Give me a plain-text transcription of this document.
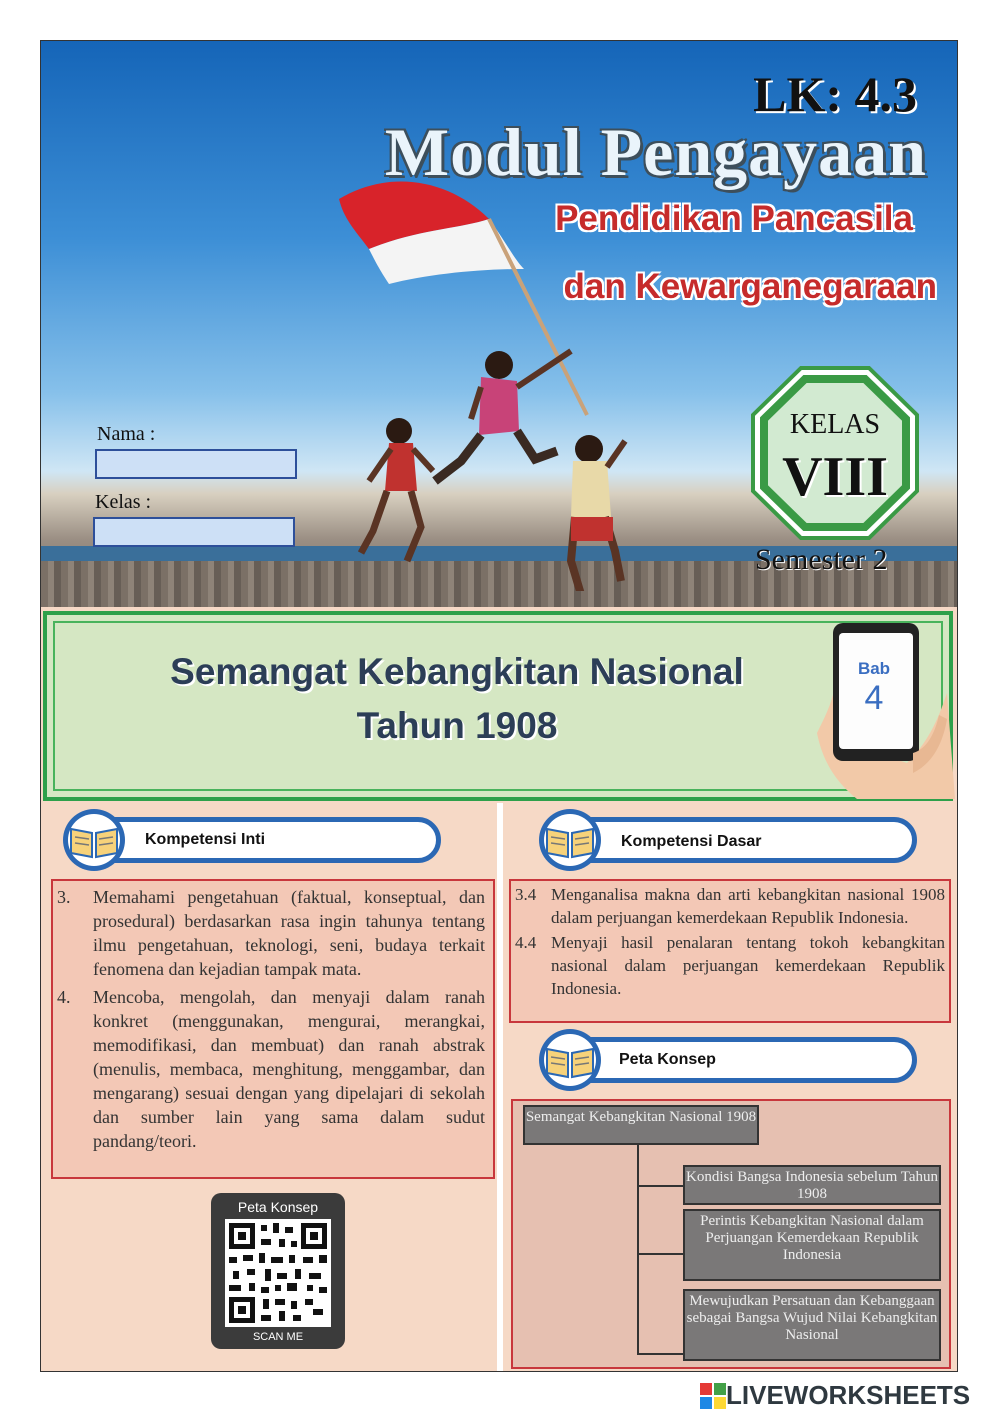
LK: 4.3
Modul Pengayaan
Pendidikan Pancasila
dan Kewarganegaraan
Nama :
Kelas :
KELAS
VIII
Semester 2
Semangat Kebangkitan Nasional
Tahun 1908
Bab
4
Kompetensi Inti
3.	Memahami pengetahuan (faktual, konseptual, dan prosedural) berdasarkan rasa ingin tahunya tentang ilmu pengetahuan, teknologi, seni, budaya terkait fenomena dan kejadian tampak mata.
4.	Mencoba, mengolah, dan menyaji dalam ranah konkret (menggunakan, mengurai, merangkai, memodifikasi, dan membuat) dan ranah abstrak (menulis, membaca, menghitung, menggambar, dan mengarang) sesuai dengan yang dipelajari di sekolah dan sumber lain yang sama dalam sudut pandang/teori.
Peta Konsep
SCAN ME
Kompetensi Dasar
3.4 Menganalisa makna dan arti kebangkitan nasional 1908 dalam perjuangan kemerdekaan Republik Indonesia.
4.4 Menyaji hasil penalaran tentang tokoh kebangkitan nasional dalam perjuangan kemerdekaan Republik Indonesia.
Peta Konsep
Semangat Kebangkitan Nasional 1908
Kondisi Bangsa Indonesia sebelum Tahun 1908
Perintis Kebangkitan Nasional dalam Perjuangan Kemerdekaan Republik Indonesia
Mewujudkan Persatuan dan Kebanggaan sebagai Bangsa Wujud Nilai Kebangkitan Nasional
LIVEWORKSHEETS
